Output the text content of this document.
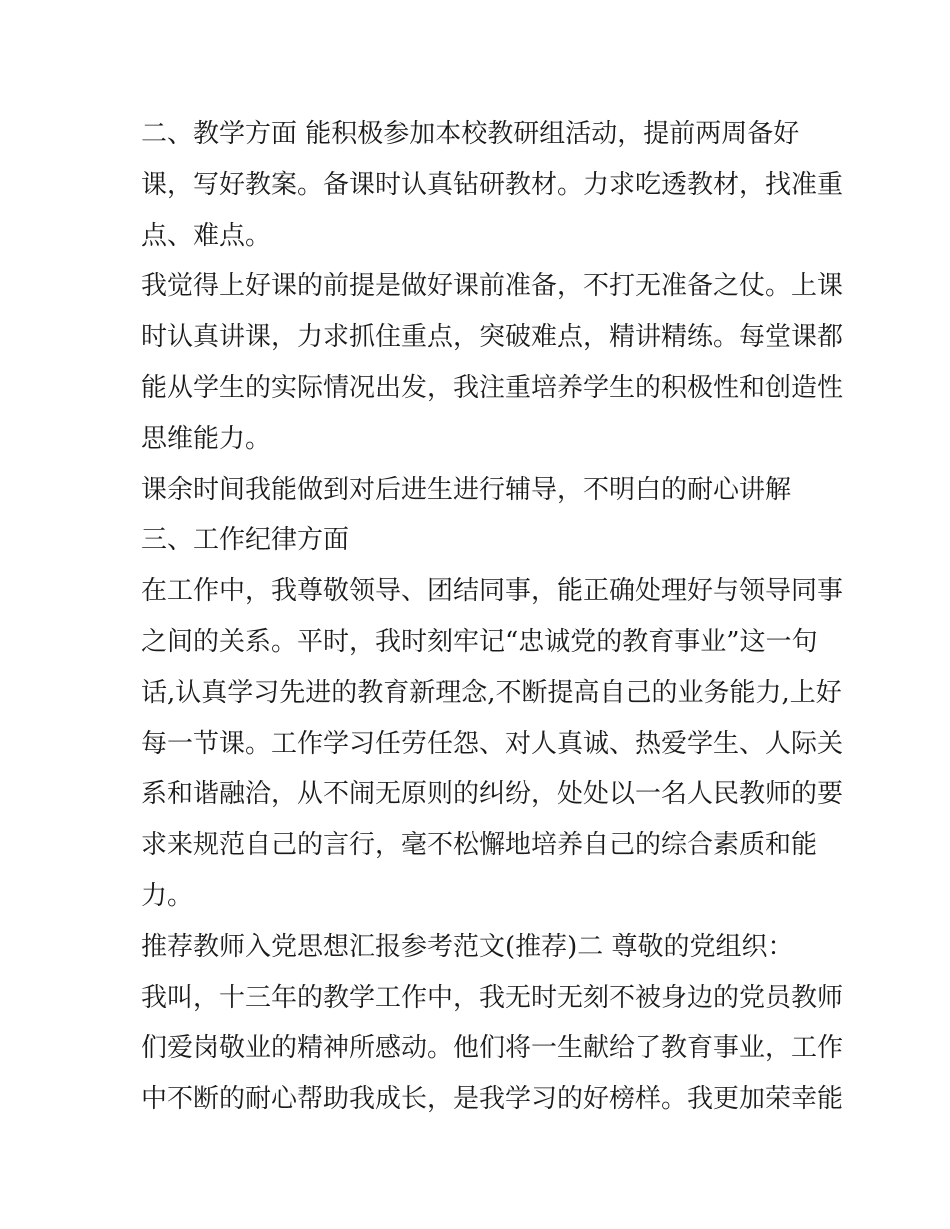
二、教学方面 能积极参加本校教研组活动，提前两周备好
课，写好教案。备课时认真钻研教材。力求吃透教材，找准重
点、难点。
我觉得上好课的前提是做好课前准备，不打无准备之仗。上课
时认真讲课，力求抓住重点，突破难点，精讲精练。每堂课都
能从学生的实际情况出发，我注重培养学生的积极性和创造性
思维能力。
课余时间我能做到对后进生进行辅导，不明白的耐心讲解
三、工作纪律方面
在工作中，我尊敬领导、团结同事，能正确处理好与领导同事
之间的关系。平时，我时刻牢记“忠诚党的教育事业”这一句
话,认真学习先进的教育新理念,不断提高自己的业务能力,上好
每一节课。工作学习任劳任怨、对人真诚、热爱学生、人际关
系和谐融洽，从不闹无原则的纠纷，处处以一名人民教师的要
求来规范自己的言行，毫不松懈地培养自己的综合素质和能
力。
推荐教师入党思想汇报参考范文(推荐)二 尊敬的党组织：
我叫，十三年的教学工作中，我无时无刻不被身边的党员教师
们爱岗敬业的精神所感动。他们将一生献给了教育事业，工作
中不断的耐心帮助我成长，是我学习的好榜样。我更加荣幸能
